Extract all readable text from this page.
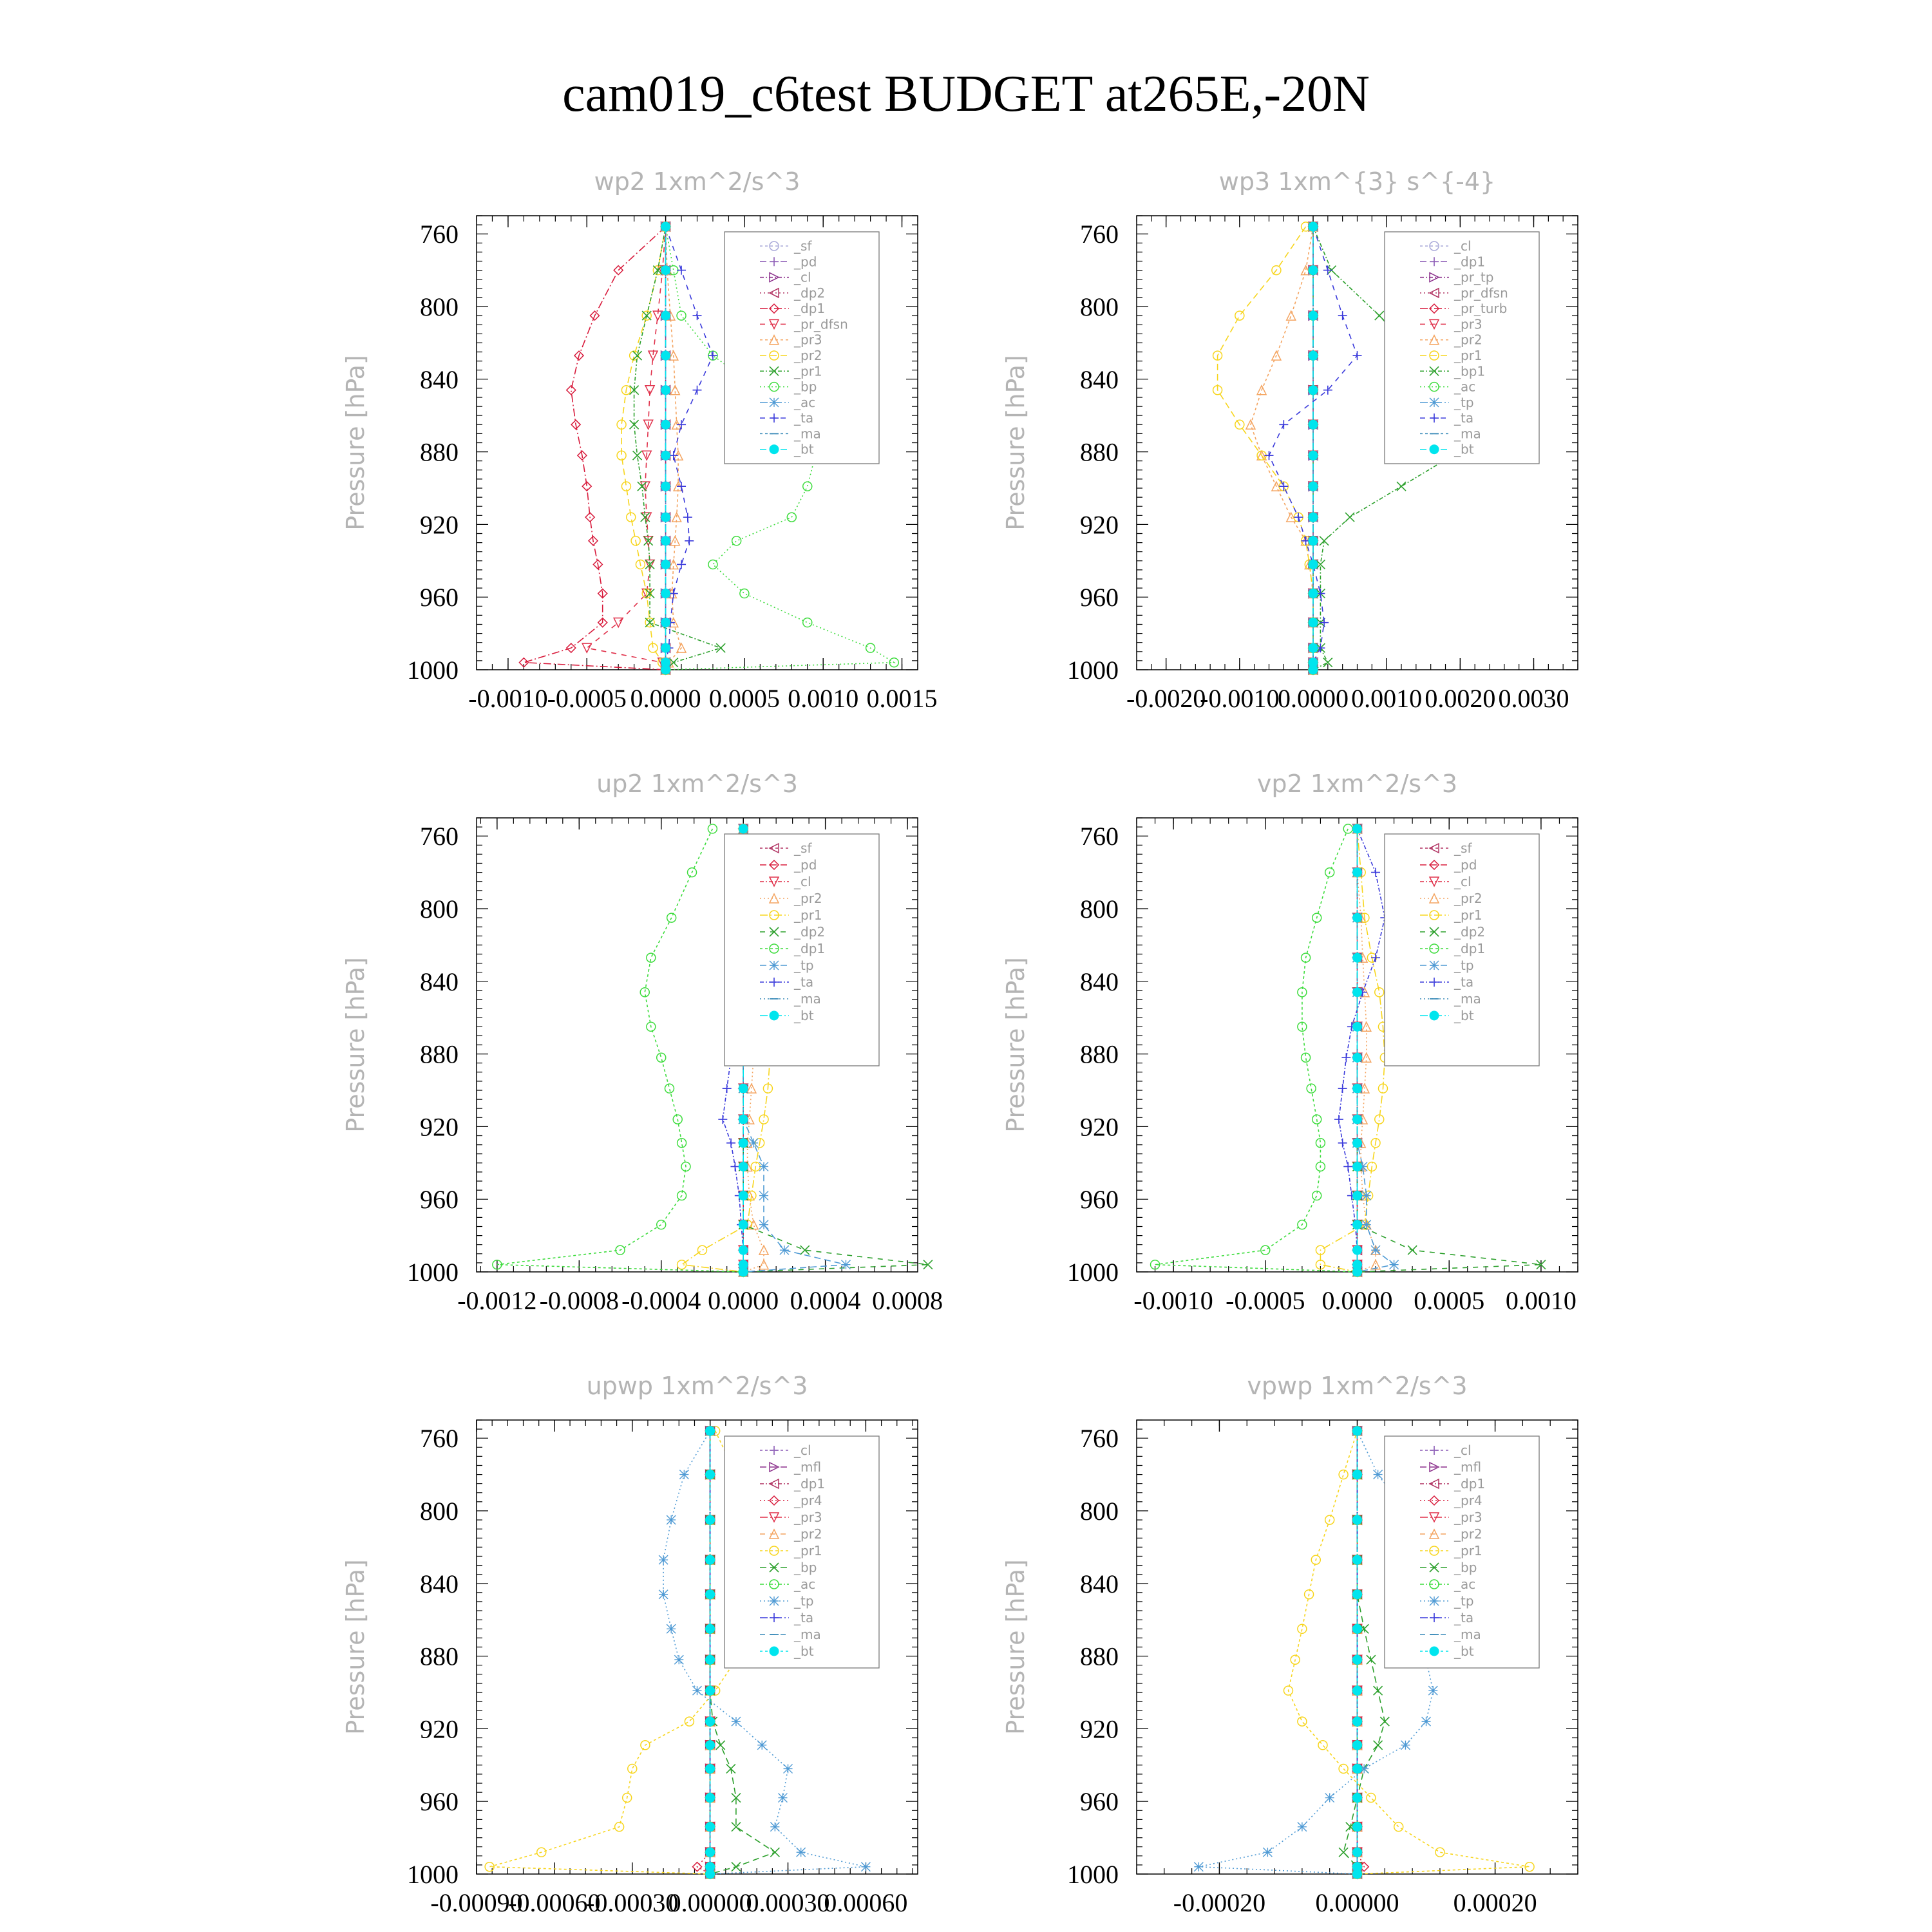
cam019_c6test BUDGET at265E,-20N
wp2 1xm^2/s^3
Pressure [hPa]
760
800
840
880
920
960
1000
-0.0010
-0.0005 0.0000 0.0005 0.0010 0.0015
_sf
_pd
_cl
_dp2
_dp1
_pr_dfsn
_pr3
_pr2
_pr1
_bp
_ac
_ta
_ma
_bt
wp3 1xm^{3} s^{-4}
Pressure [hPa]
760
800
840
880
920
960
1000
-0.0020
-0.0010
0.0000 0.0010 0.0020 0.0030
_cl
_dp1
_pr_tp
_pr_dfsn
_pr_turb
_pr3
_pr2
_pr1
_bp1
_ac
_tp
_ta
_ma
_bt
up2 1xm^2/s^3
Pressure [hPa]
760
800
840
880
920
960
1000
-0.0012 -0.0008 -0.0004 0.0000 0.0004 0.0008
_sf
_pd
_cl
_pr2
_pr1
_dp2
_dp1
_tp
_ta
_ma
_bt
vp2 1xm^2/s^3
Pressure [hPa]
760
800
840
880
920
960
1000
-0.0010 -0.0005 0.0000 0.0005 0.0010
_sf
_pd
_cl
_pr2
_pr1
_dp2
_dp1
_tp
_ta
_ma
_bt
upwp 1xm^2/s^3
Pressure [hPa]
760
800
840
880
920
960
1000
-0.00090
-0.00060
-0.00030
0.00000
0.00030
0.00060
_cl
_mfl
_dp1
_pr4
_pr3
_pr2
_pr1
_bp
_ac
_tp
_ta
_ma
_bt
vpwp 1xm^2/s^3
Pressure [hPa]
760
800
840
880
920
960
1000
-0.00020 0.00000 0.00020
_cl
_mfl
_dp1
_pr4
_pr3
_pr2
_pr1
_bp
_ac
_tp
_ta
_ma
_bt
